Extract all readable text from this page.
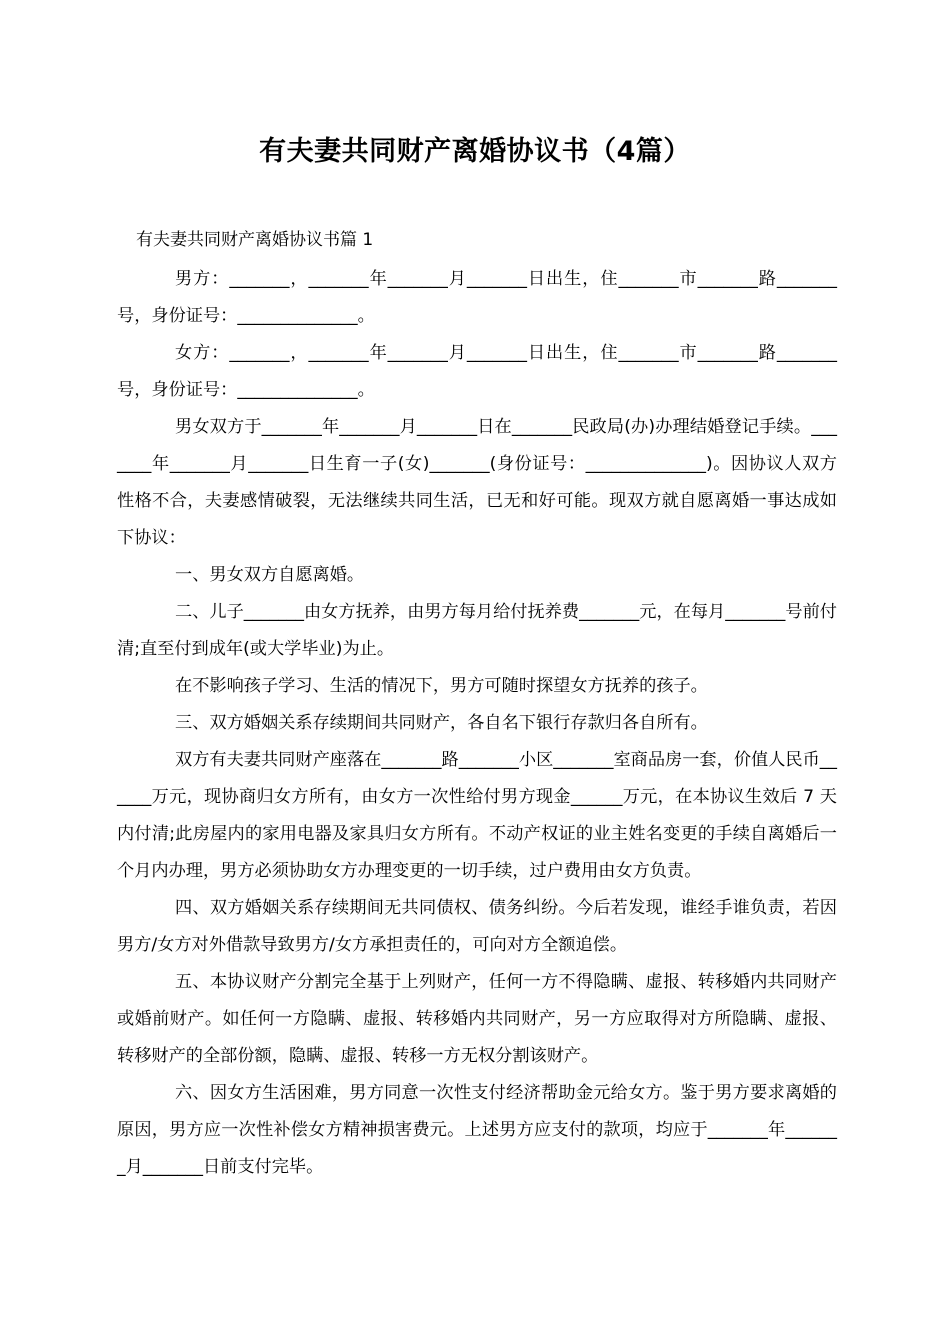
有夫妻共同财产离婚协议书（4篇）
有夫妻共同财产离婚协议书篇 1

男方：_______，_______年_______月_______日出生，住_______市_______路_______号，身份证号：______________。

女方：_______，_______年_______月_______日出生，住_______市_______路_______号，身份证号：______________。

男女双方于_______年_______月_______日在_______民政局(办)办理结婚登记手续。_______年_______月_______日生育一子(女)_______(身份证号：______________)。因协议人双方性格不合，夫妻感情破裂，无法继续共同生活，已无和好可能。现双方就自愿离婚一事达成如下协议：

一、男女双方自愿离婚。

二、儿子_______由女方抚养，由男方每月给付抚养费_______元，在每月_______号前付清;直至付到成年(或大学毕业)为止。

在不影响孩子学习、生活的情况下，男方可随时探望女方抚养的孩子。

三、双方婚姻关系存续期间共同财产，各自名下银行存款归各自所有。

双方有夫妻共同财产座落在_______路_______小区_______室商品房一套，价值人民币______万元，现协商归女方所有，由女方一次性给付男方现金______万元，在本协议生效后 7 天内付清;此房屋内的家用电器及家具归女方所有。不动产权证的业主姓名变更的手续自离婚后一个月内办理，男方必须协助女方办理变更的一切手续，过户费用由女方负责。

四、双方婚姻关系存续期间无共同债权、债务纠纷。今后若发现，谁经手谁负责，若因男方/女方对外借款导致男方/女方承担责任的，可向对方全额追偿。

五、本协议财产分割完全基于上列财产，任何一方不得隐瞒、虚报、转移婚内共同财产或婚前财产。如任何一方隐瞒、虚报、转移婚内共同财产，另一方应取得对方所隐瞒、虚报、转移财产的全部份额，隐瞒、虚报、转移一方无权分割该财产。

六、因女方生活困难，男方同意一次性支付经济帮助金元给女方。鉴于男方要求离婚的原因，男方应一次性补偿女方精神损害费元。上述男方应支付的款项，均应于_______年_______月_______日前支付完毕。
